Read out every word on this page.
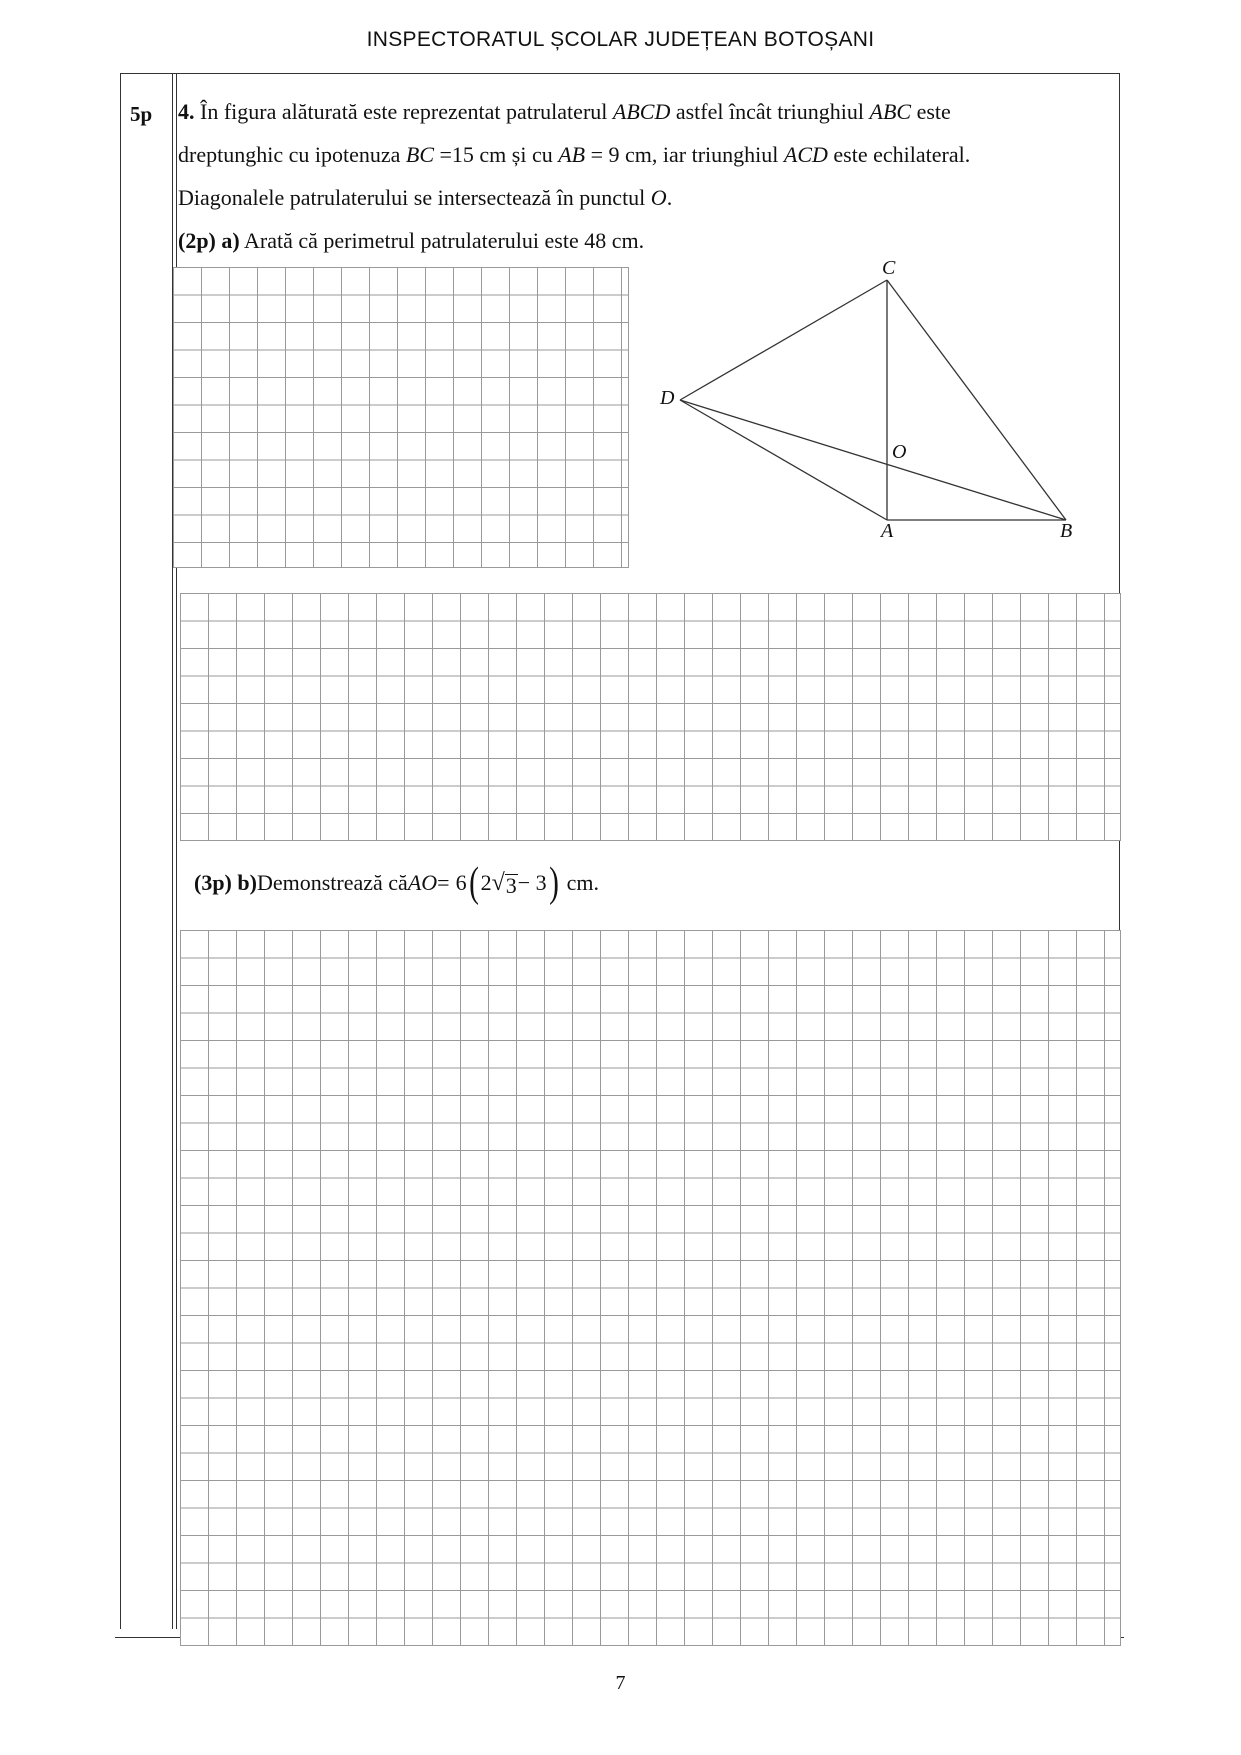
INSPECTORATUL ȘCOLAR JUDEȚEAN BOTOȘANI
5p 4. În figura alăturată este reprezentat patrulaterul ABCD astfel încât triunghiul ABC este
dreptunghic cu ipotenuza BC =15 cm și cu AB = 9 cm, iar triunghiul ACD este echilateral.
Diagonalele patrulaterului se intersectează în punctul O.
(2p) a) Arată că perimetrul patrulaterului este 48 cm.
C
D
O
A	B
(3p) b) Demonstrează că AO = 6 ( 2 √ 3 − 3 ) cm.
7
